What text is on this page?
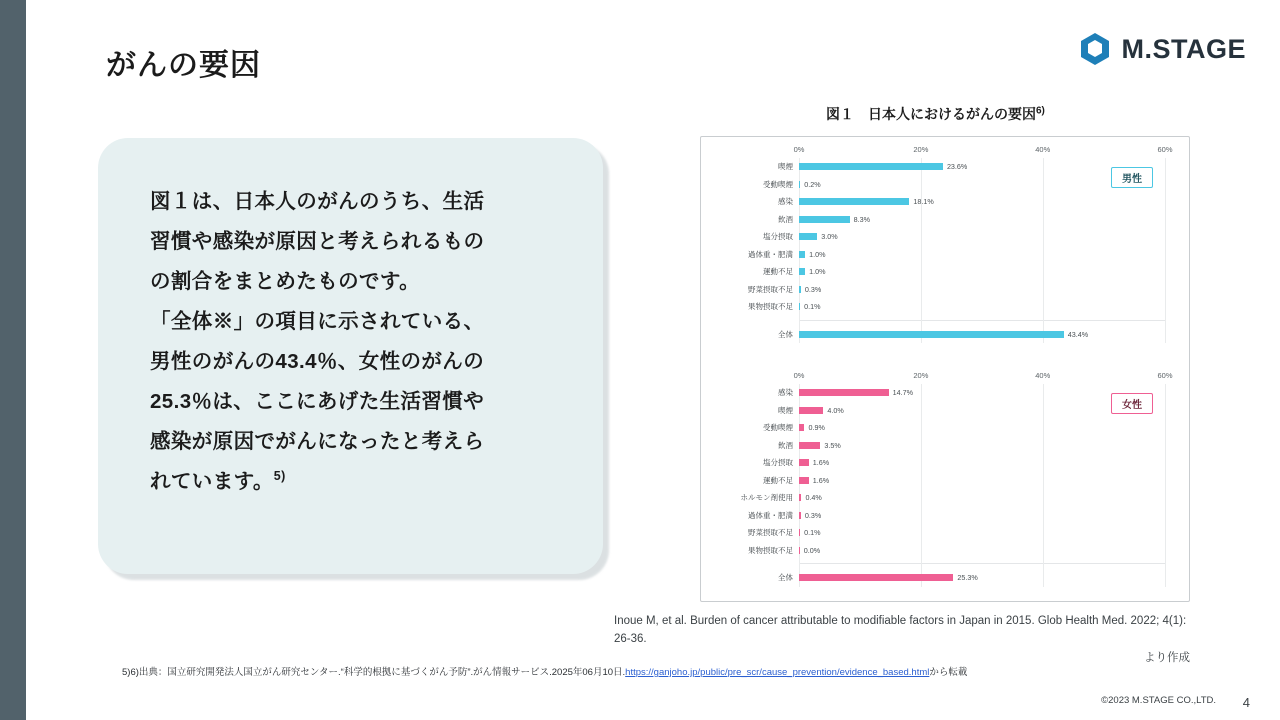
がんの要因
M.STAGE

図１は、日本人のがんのうち、生活

習慣や感染が原因と考えられるもの

の割合をまとめたものです。

「全体※」の項目に示されている、

男性のがんの43.4％、女性のがんの

25.3％は、ここにあげた生活習慣や

感染が原因でがんになったと考えら

れています。$^{5)}$

図１　日本人におけるがんの要因$^{6)}$
男性
0%	20%	40%	60%
喫煙	23.6%
受動喫煙 0.2%
感染	18.1%
飲酒	8.3%
塩分摂取	3.0%
過体重・肥満 1.0%
運動不足 1.0%
野菜摂取不足 0.3%
果物摂取不足 0.1%
全体	43.4%
女性
0%	20%	40%	60%
感染	14.7%
喫煙	4.0%
受動喫煙 0.9%
飲酒	3.5%
塩分摂取	1.6%
運動不足	1.6%
ホルモン剤使用 0.4%
過体重・肥満 0.3%
野菜摂取不足 0.1%
果物摂取不足 0.0%
全体	25.3%
Inoue M, et al. Burden of cancer attributable to modifiable factors in Japan in 2015. Glob Health Med. 2022; 4(1): 26-36.
より作成
5)6)出典：国立研究開発法人国立がん研究センター.“科学的根拠に基づくがん予防”.がん情報サービス.2025年06月10日.https://ganjoho.jp/public/pre_scr/cause_prevention/evidence_based.htmlから転載
©2023 M.STAGE CO.,LTD. 4
